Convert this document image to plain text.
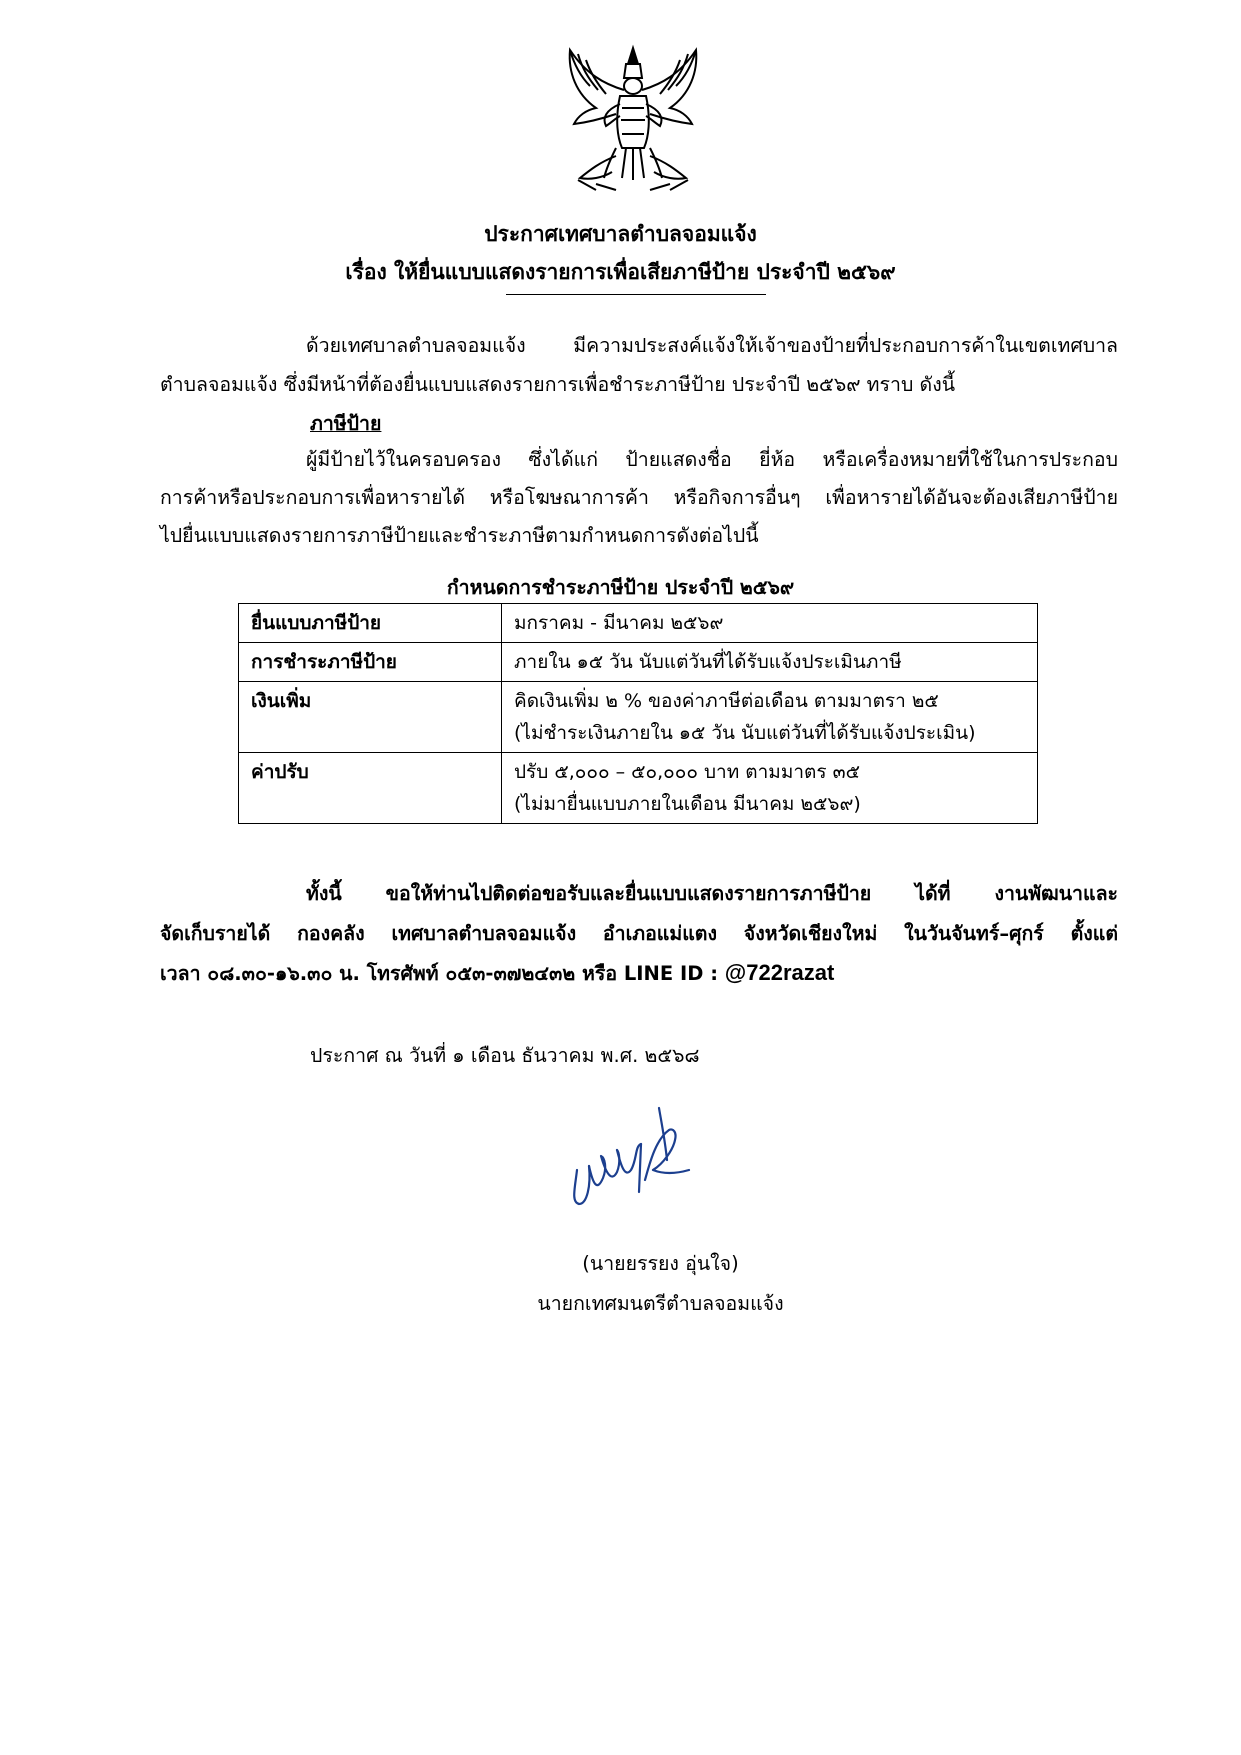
ประกาศเทศบาลตำบลจอมแจ้ง
เรื่อง ให้ยื่นแบบแสดงรายการเพื่อเสียภาษีป้าย ประจำปี ๒๕๖๙
ด้วยเทศบาลตำบลจอมแจ้ง มีความประสงค์แจ้งให้เจ้าของป้ายที่ประกอบการค้าในเขตเทศบาล
ตำบลจอมแจ้ง ซึ่งมีหน้าที่ต้องยื่นแบบแสดงรายการเพื่อชำระภาษีป้าย ประจำปี ๒๕๖๙ ทราบ ดังนี้
ภาษีป้าย
ผู้มีป้ายไว้ในครอบครอง ซึ่งได้แก่ ป้ายแสดงชื่อ ยี่ห้อ หรือเครื่องหมายที่ใช้ในการประกอบ
การค้าหรือประกอบการเพื่อหารายได้ หรือโฆษณาการค้า หรือกิจการอื่นๆ เพื่อหารายได้อันจะต้องเสียภาษีป้าย
ไปยื่นแบบแสดงรายการภาษีป้ายและชำระภาษีตามกำหนดการดังต่อไปนี้
กำหนดการชำระภาษีป้าย ประจำปี ๒๕๖๙
ยื่นแบบภาษีป้าย	มกราคม - มีนาคม ๒๕๖๙

การชำระภาษีป้าย	ภายใน ๑๕ วัน นับแต่วันที่ได้รับแจ้งประเมินภาษี

เงินเพิ่ม	คิดเงินเพิ่ม ๒ % ของค่าภาษีต่อเดือน ตามมาตรา ๒๕
(ไม่ชำระเงินภายใน ๑๕ วัน นับแต่วันที่ได้รับแจ้งประเมิน)

ค่าปรับ	ปรับ ๕,๐๐๐ – ๕๐,๐๐๐ บาท ตามมาตร ๓๕
(ไม่มายื่นแบบภายในเดือน มีนาคม ๒๕๖๙)
ทั้งนี้ ขอให้ท่านไปติดต่อขอรับและยื่นแบบแสดงรายการภาษีป้าย ได้ที่ งานพัฒนาและ
จัดเก็บรายได้ กองคลัง เทศบาลตำบลจอมแจ้ง อำเภอแม่แตง จังหวัดเชียงใหม่ ในวันจันทร์–ศุกร์ ตั้งแต่
เวลา ๐๘.๓๐-๑๖.๓๐ น. โทรศัพท์ ๐๕๓-๓๗๒๔๓๒ หรือ LINE ID : @722razat
ประกาศ ณ วันที่ ๑ เดือน ธันวาคม พ.ศ. ๒๕๖๘
(นายยรรยง อุ่นใจ)
นายกเทศมนตรีตำบลจอมแจ้ง
